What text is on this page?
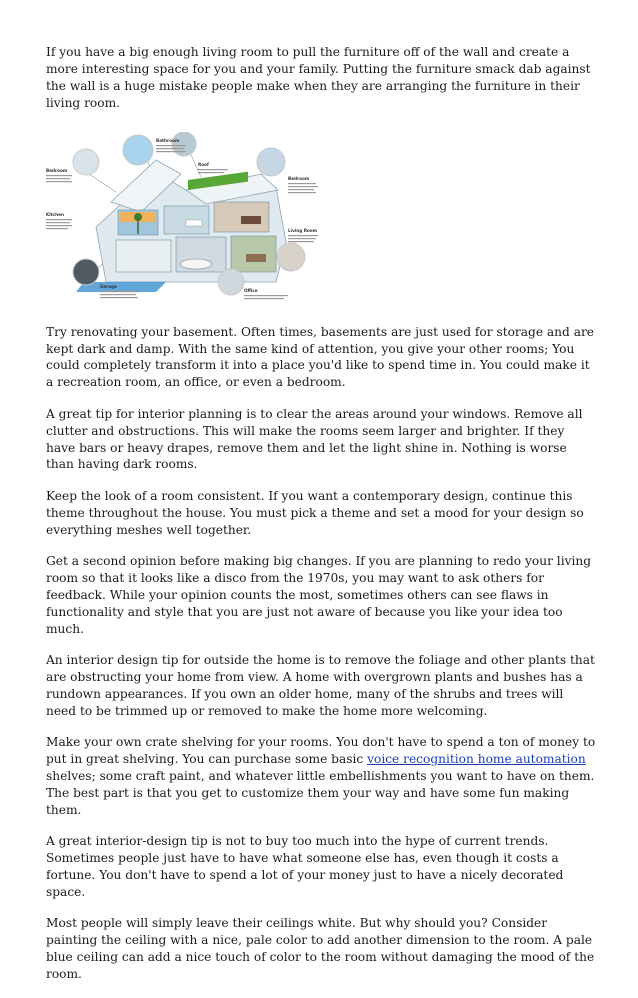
If you have a big enough living room to pull the furniture off of the wall and create a more interesting space for you and your family. Putting the furniture smack dab against the wall is a huge mistake people make when they are arranging the furniture in their living room.

Bathroom
Roof
Bedroom
Bedroom
Kitchen
Living Room
Garage
Office

Try renovating your basement. Often times, basements are just used for storage and are kept dark and damp. With the same kind of attention, you give your other rooms; You could completely transform it into a place you'd like to spend time in. You could make it a recreation room, an office, or even a bedroom.

A great tip for interior planning is to clear the areas around your windows. Remove all clutter and obstructions. This will make the rooms seem larger and brighter. If they have bars or heavy drapes, remove them and let the light shine in. Nothing is worse than having dark rooms.

Keep the look of a room consistent. If you want a contemporary design, continue this theme throughout the house. You must pick a theme and set a mood for your design so everything meshes well together.

Get a second opinion before making big changes. If you are planning to redo your living room so that it looks like a disco from the 1970s, you may want to ask others for feedback. While your opinion counts the most, sometimes others can see flaws in functionality and style that you are just not aware of because you like your idea too much.

An interior design tip for outside the home is to remove the foliage and other plants that are obstructing your home from view. A home with overgrown plants and bushes has a rundown appearances. If you own an older home, many of the shrubs and trees will need to be trimmed up or removed to make the home more welcoming.

Make your own crate shelving for your rooms. You don't have to spend a ton of money to put in great shelving. You can purchase some basic voice recognition home automation shelves; some craft paint, and whatever little embellishments you want to have on them. The best part is that you get to customize them your way and have some fun making them.

A great interior-design tip is not to buy too much into the hype of current trends. Sometimes people just have to have what someone else has, even though it costs a fortune. You don't have to spend a lot of your money just to have a nicely decorated space.

Most people will simply leave their ceilings white. But why should you? Consider painting the ceiling with a nice, pale color to add another dimension to the room. A pale blue ceiling can add a nice touch of color to the room without damaging the mood of the room.
